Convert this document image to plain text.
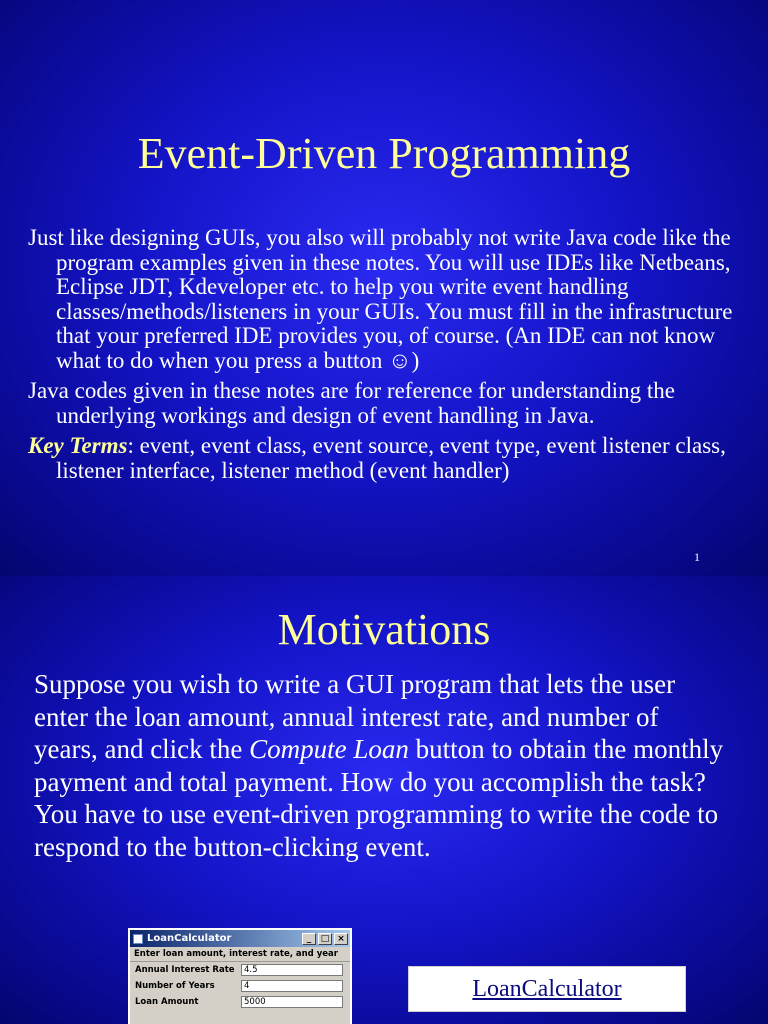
Event-Driven Programming
Just like designing GUIs, you also will probably not write Java code like the program examples given in these notes. You will use IDEs like Netbeans, Eclipse JDT, Kdeveloper etc. to help you write event handling classes/methods/listeners in your GUIs. You must fill in the infrastructure that your preferred IDE provides you, of course. (An IDE can not know what to do when you press a button ☺)
Java codes given in these notes are for reference for understanding the underlying workings and design of event handling in Java.
Key Terms: event, event class, event source, event type, event listener class, listener interface, listener method (event handler)
1
Motivations

Suppose you wish to write a GUI program that lets the user enter the loan amount, annual interest rate, and number of years, and click the Compute Loan button to obtain the monthly payment and total payment. How do you accomplish the task? You have to use event-driven programming to write the code to respond to the button-clicking event.

LoanCalculator	_	□ ×
Enter loan amount, interest rate, and year
Annual Interest Rate	4.5
Number of Years	4
Loan Amount	5000
LoanCalculator
